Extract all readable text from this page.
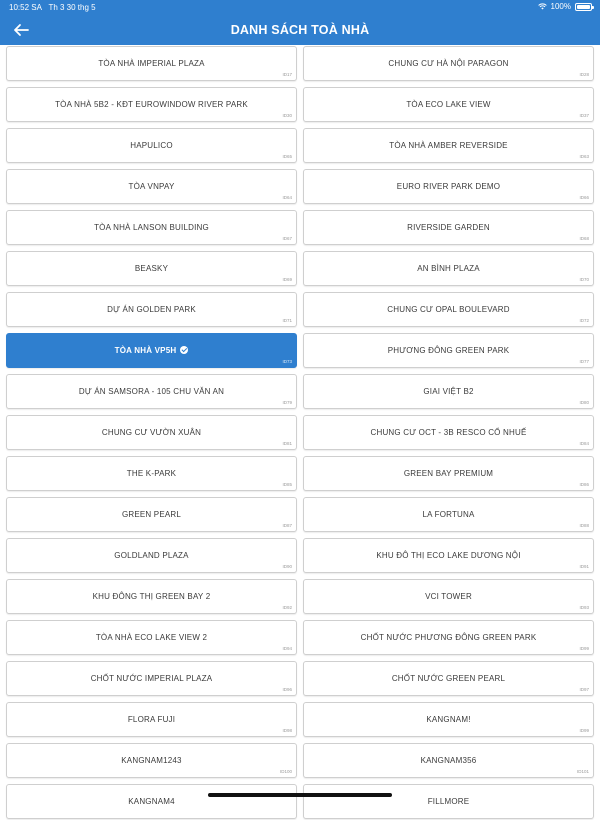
10:52 SA Th 3 30 thg 5	100%
DANH SÁCH TOÀ NHÀ
TÒA NHÀ IMPERIAL PLAZA
ID17
CHUNG CƯ HÀ NỘI PARAGON
ID28
TÒA NHÀ 5B2 - KĐT EUROWINDOW RIVER PARK
ID30
TÒA ECO LAKE VIEW
ID37
HAPULICO
ID65
TÒA NHÀ AMBER REVERSIDE
ID63
TÒA VNPAY
ID64
EURO RIVER PARK DEMO
ID66
TÒA NHÀ LANSON BUILDING
ID67
RIVERSIDE GARDEN
ID68
BEASKY
ID69
AN BÌNH PLAZA
ID70
DỰ ÁN GOLDEN PARK
ID71
CHUNG CƯ OPAL BOULEVARD
ID72
TÒA NHÀ VP5H
ID73
PHƯƠNG ĐÔNG GREEN PARK
ID77
DỰ ÁN SAMSORA - 105 CHU VĂN AN
ID79
GIAI VIỆT B2
ID80
CHUNG CƯ VƯỜN XUÂN
ID81
CHUNG CƯ OCT - 3B RESCO CỔ NHUẾ
ID84
THE K-PARK
ID85
GREEN BAY PREMIUM
ID86
GREEN PEARL
ID87
LA FORTUNA
ID88
GOLDLAND PLAZA
ID90
KHU ĐÔ THỊ ECO LAKE DƯƠNG NỘI
ID91
KHU ĐÔNG THỊ GREEN BAY 2
ID92
VCI TOWER
ID93
TÒA NHÀ ECO LAKE VIEW 2
ID94
CHỐT NƯỚC PHƯƠNG ĐÔNG GREEN PARK
ID99
CHỐT NƯỚC IMPERIAL PLAZA
ID96
CHỐT NƯỚC GREEN PEARL
ID97
FLORA FUJI
ID98
KANGNAM!
ID99
KANGNAM1243
ID100
KANGNAM356
ID101
KANGNAM4	FILLMORE
